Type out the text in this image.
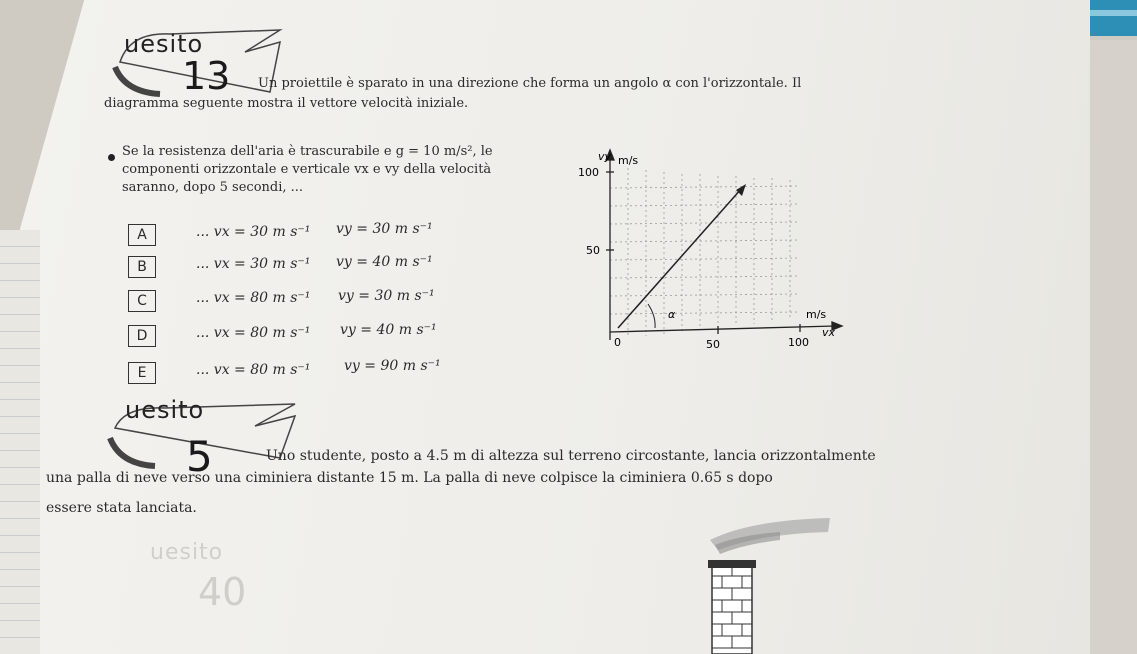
uesito
13 Un proiettile è sparato in una direzione che forma un angolo α con l'orizzontale. Il
diagramma seguente mostra il vettore velocità iniziale.
Se la resistenza dell'aria è trascurabile e g = 10 m/s², le
componenti orizzontale e verticale vx e vy della velocità
saranno, dopo 5 secondi, ...
A	... vx = 30 m s⁻¹ vy = 30 m s⁻¹
B	... vx = 30 m s⁻¹ vy = 40 m s⁻¹
C	... vx = 80 m s⁻¹ vy = 30 m s⁻¹
D	... vx = 80 m s⁻¹ vy = 40 m s⁻¹
E	... vx = 80 m s⁻¹ vy = 90 m s⁻¹
vy m/s
100
50
0	50	100
m/s
vx
α
uesito
5	Uno studente, posto a 4.5 m di altezza sul terreno circostante, lancia orizzontalmente
una palla di neve verso una ciminiera distante 15 m. La palla di neve colpisce la ciminiera 0.65 s dopo
essere stata lanciata.
uesito
40
